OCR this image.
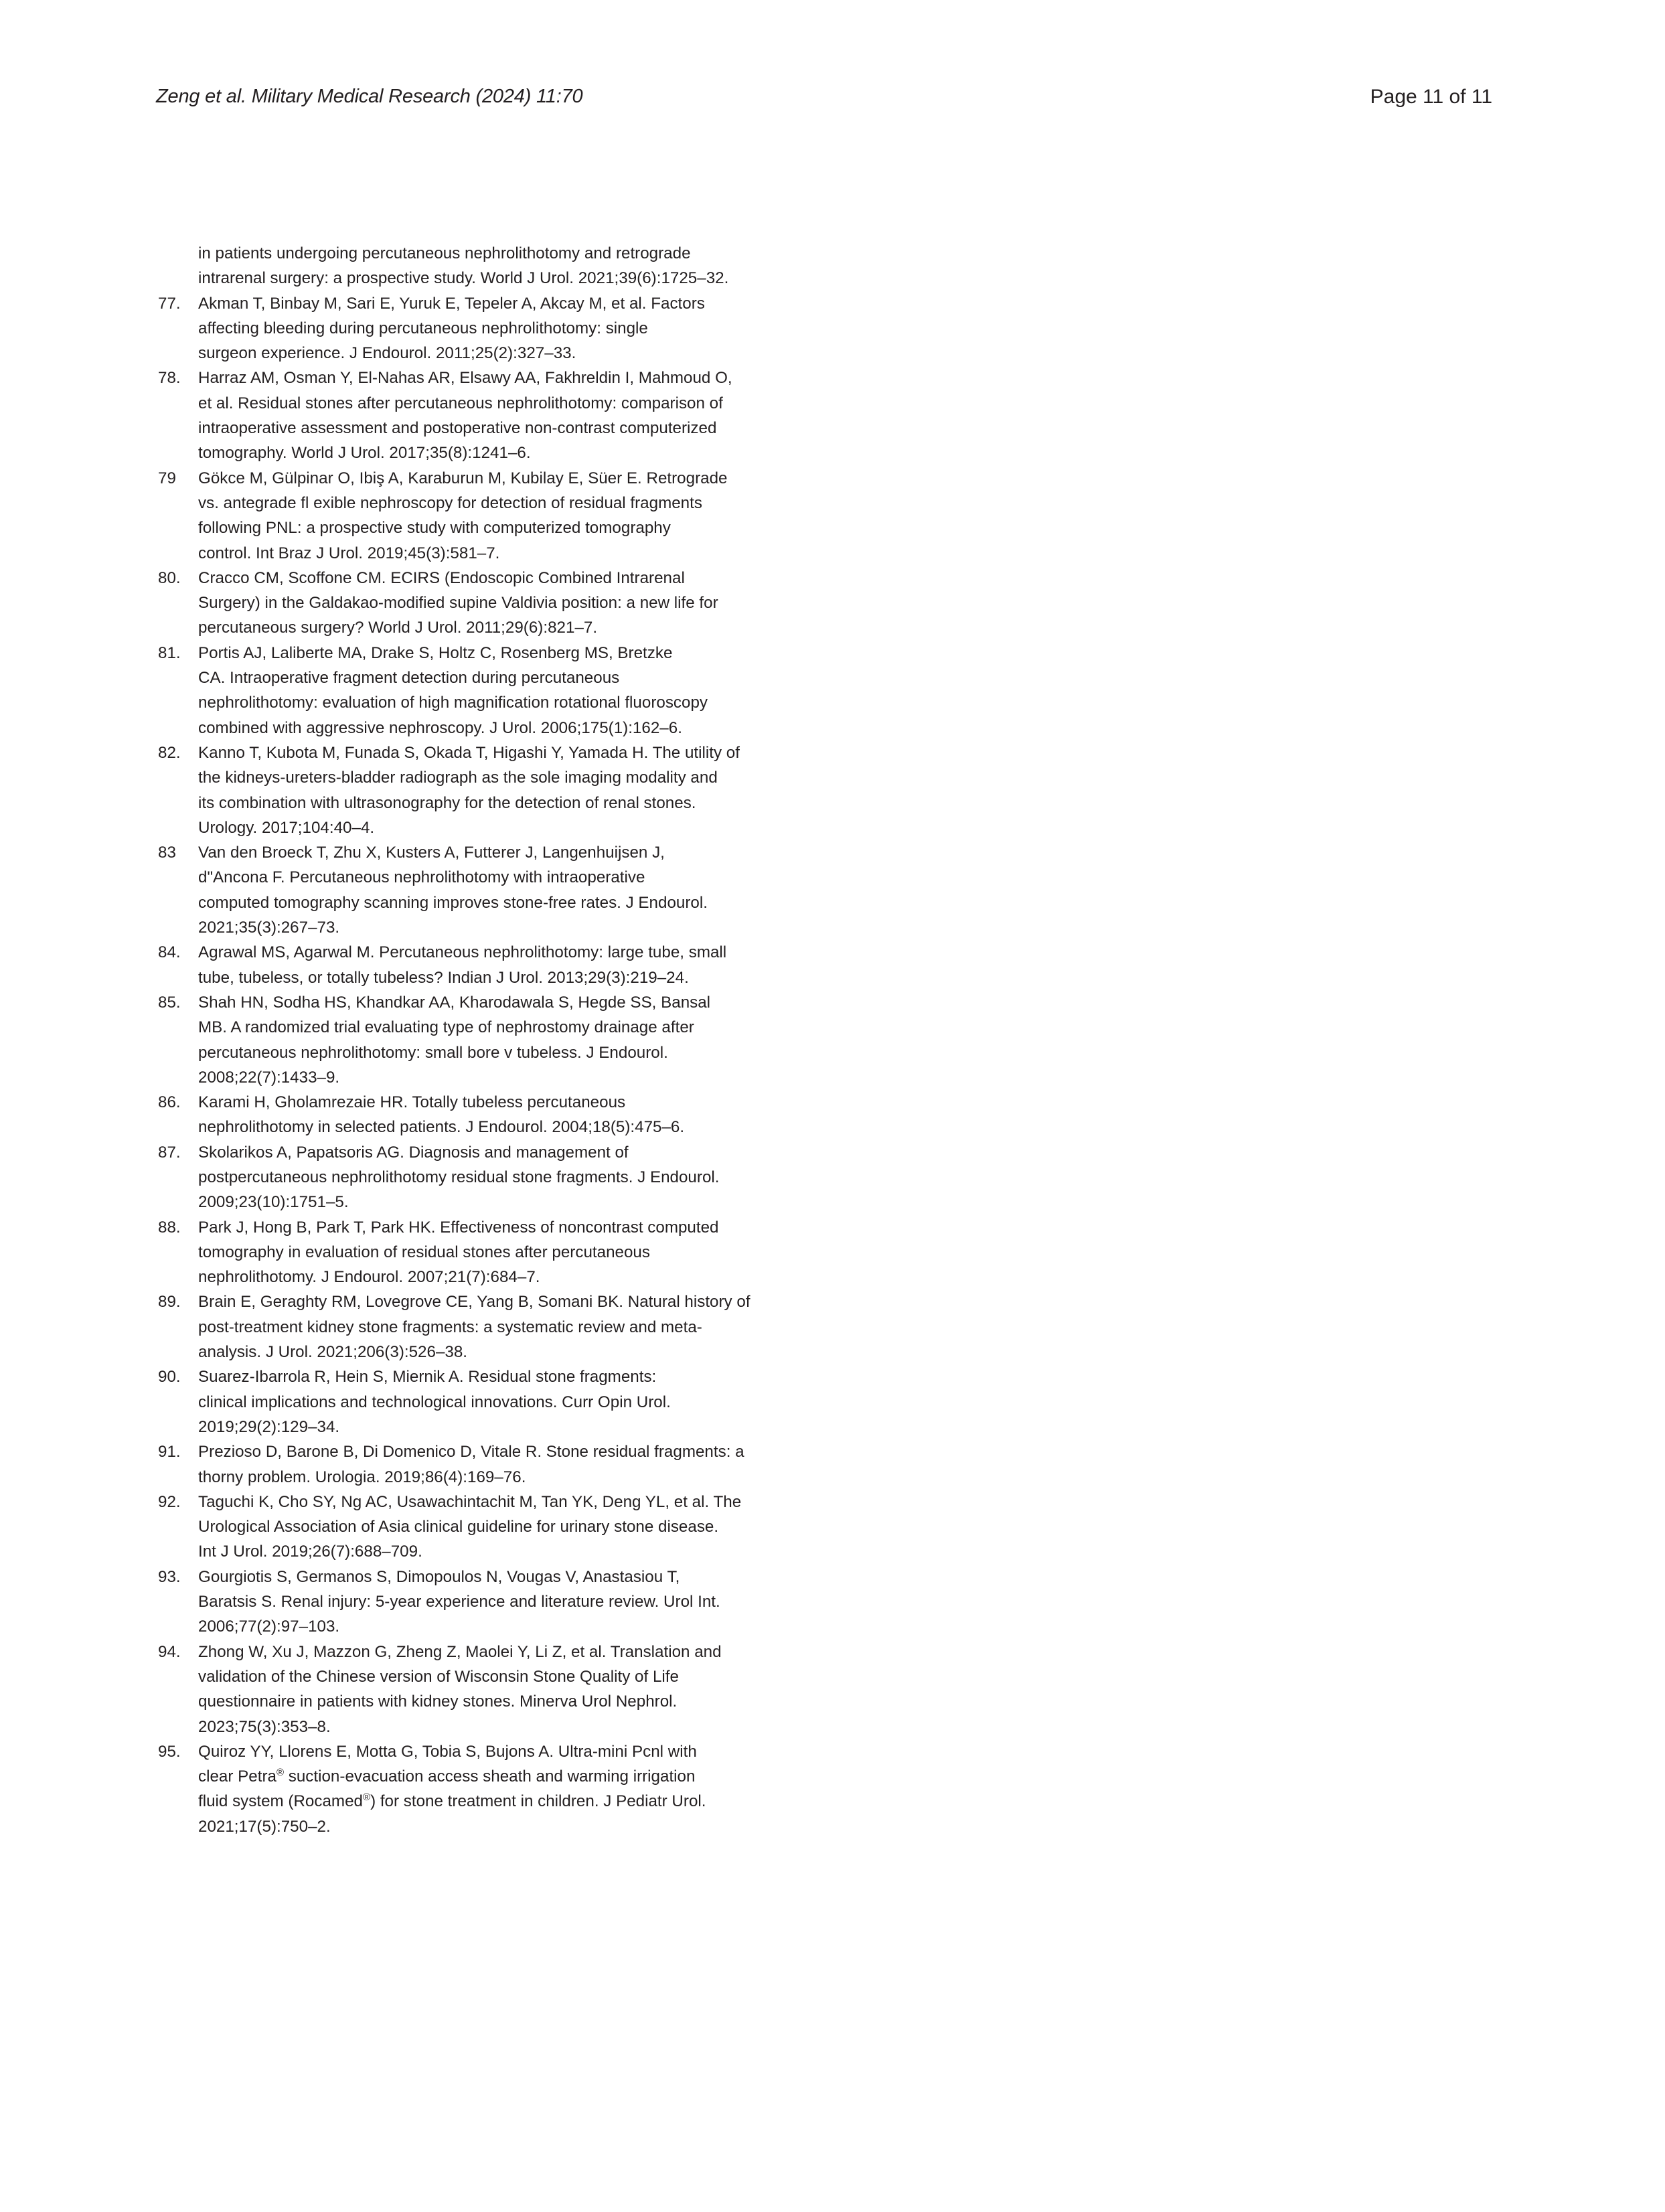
Zeng et al. Military Medical Research (2024) 11:70	Page 11 of 11
in patients undergoing percutaneous nephrolithotomy and retrograde
intrarenal surgery: a prospective study. World J Urol. 2021;39(6):1725–32.
77.	Akman T, Binbay M, Sari E, Yuruk E, Tepeler A, Akcay M, et al. Factors
affecting bleeding during percutaneous nephrolithotomy: single
surgeon experience. J Endourol. 2011;25(2):327–33.
78.	Harraz AM, Osman Y, El-Nahas AR, Elsawy AA, Fakhreldin I, Mahmoud O,
et al. Residual stones after percutaneous nephrolithotomy: comparison of
intraoperative assessment and postoperative non-contrast computerized
tomography. World J Urol. 2017;35(8):1241–6.
79	Gökce M, Gülpinar O, Ibiş A, Karaburun M, Kubilay E, Süer E. Retrograde
vs. antegrade fl exible nephroscopy for detection of residual fragments
following PNL: a prospective study with computerized tomography
control. Int Braz J Urol. 2019;45(3):581–7.
80.	Cracco CM, Scoffone CM. ECIRS (Endoscopic Combined Intrarenal
Surgery) in the Galdakao-modified supine Valdivia position: a new life for
percutaneous surgery? World J Urol. 2011;29(6):821–7.
81.	Portis AJ, Laliberte MA, Drake S, Holtz C, Rosenberg MS, Bretzke
CA. Intraoperative fragment detection during percutaneous
nephrolithotomy: evaluation of high magnification rotational fluoroscopy
combined with aggressive nephroscopy. J Urol. 2006;175(1):162–6.
82.	Kanno T, Kubota M, Funada S, Okada T, Higashi Y, Yamada H. The utility of
the kidneys-ureters-bladder radiograph as the sole imaging modality and
its combination with ultrasonography for the detection of renal stones.
Urology. 2017;104:40–4.
83	Van den Broeck T, Zhu X, Kusters A, Futterer J, Langenhuijsen J,
d"Ancona F. Percutaneous nephrolithotomy with intraoperative
computed tomography scanning improves stone-free rates. J Endourol.
2021;35(3):267–73.
84.	Agrawal MS, Agarwal M. Percutaneous nephrolithotomy: large tube, small
tube, tubeless, or totally tubeless? Indian J Urol. 2013;29(3):219–24.
85.	Shah HN, Sodha HS, Khandkar AA, Kharodawala S, Hegde SS, Bansal
MB. A randomized trial evaluating type of nephrostomy drainage after
percutaneous nephrolithotomy: small bore v tubeless. J Endourol.
2008;22(7):1433–9.
86.	Karami H, Gholamrezaie HR. Totally tubeless percutaneous
nephrolithotomy in selected patients. J Endourol. 2004;18(5):475–6.
87.	Skolarikos A, Papatsoris AG. Diagnosis and management of
postpercutaneous nephrolithotomy residual stone fragments. J Endourol.
2009;23(10):1751–5.
88.	Park J, Hong B, Park T, Park HK. Effectiveness of noncontrast computed
tomography in evaluation of residual stones after percutaneous
nephrolithotomy. J Endourol. 2007;21(7):684–7.
89.	Brain E, Geraghty RM, Lovegrove CE, Yang B, Somani BK. Natural history of
post-treatment kidney stone fragments: a systematic review and meta-
analysis. J Urol. 2021;206(3):526–38.
90.	Suarez-Ibarrola R, Hein S, Miernik A. Residual stone fragments:
clinical implications and technological innovations. Curr Opin Urol.
2019;29(2):129–34.
91.	Prezioso D, Barone B, Di Domenico D, Vitale R. Stone residual fragments: a
thorny problem. Urologia. 2019;86(4):169–76.
92.	Taguchi K, Cho SY, Ng AC, Usawachintachit M, Tan YK, Deng YL, et al. The
Urological Association of Asia clinical guideline for urinary stone disease.
Int J Urol. 2019;26(7):688–709.
93.	Gourgiotis S, Germanos S, Dimopoulos N, Vougas V, Anastasiou T,
Baratsis S. Renal injury: 5-year experience and literature review. Urol Int.
2006;77(2):97–103.
94.	Zhong W, Xu J, Mazzon G, Zheng Z, Maolei Y, Li Z, et al. Translation and
validation of the Chinese version of Wisconsin Stone Quality of Life
questionnaire in patients with kidney stones. Minerva Urol Nephrol.
2023;75(3):353–8.
95.	Quiroz YY, Llorens E, Motta G, Tobia S, Bujons A. Ultra-mini Pcnl with
clear Petra® suction-evacuation access sheath and warming irrigation
fluid system (Rocamed®) for stone treatment in children. J Pediatr Urol.
2021;17(5):750–2.
